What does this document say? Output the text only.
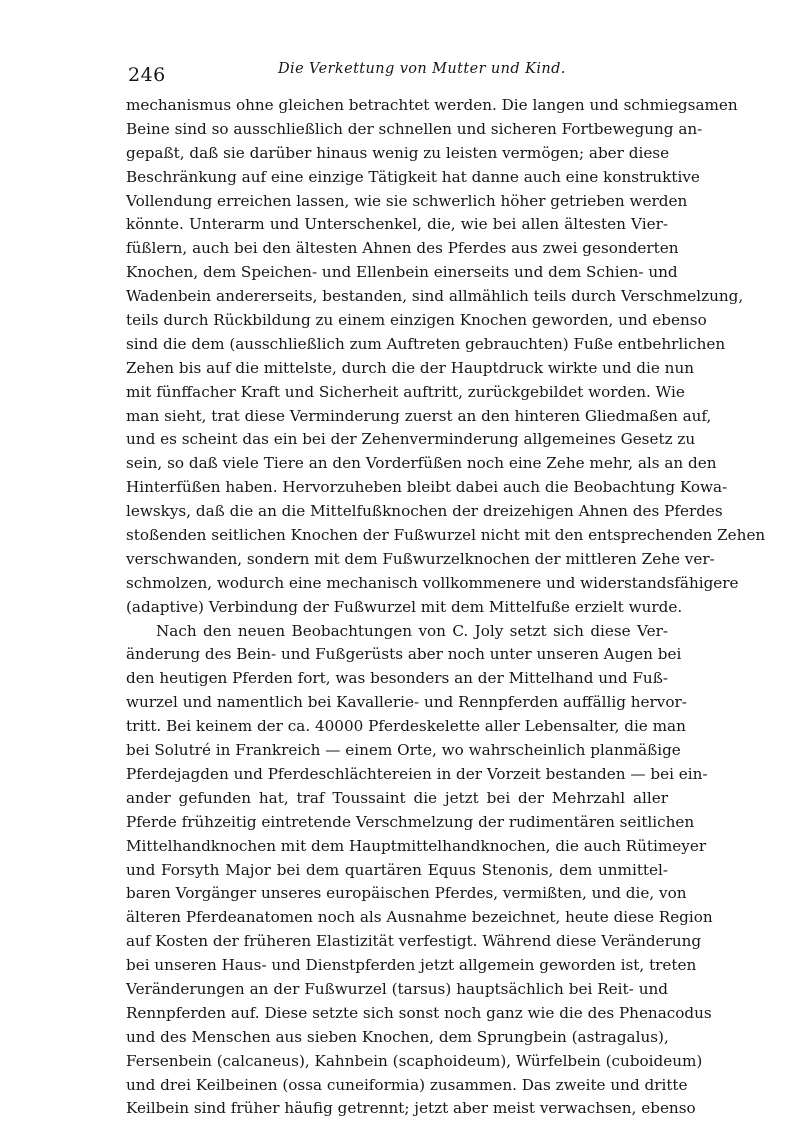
246	Die Verkettung von Mutter und Kind.
mechanismus ohne gleichen betrachtet werden. Die langen und schmiegsamen
Beine sind so ausschließlich der schnellen und sicheren Fortbewegung an-
gepaßt, daß sie darüber hinaus wenig zu leisten vermögen; aber diese
Beschränkung auf eine einzige Tätigkeit hat danne auch eine konstruktive
Vollendung erreichen lassen, wie sie schwerlich höher getrieben werden
könnte. Unterarm und Unterschenkel, die, wie bei allen ältesten Vier-
füßlern, auch bei den ältesten Ahnen des Pferdes aus zwei gesonderten
Knochen, dem Speichen- und Ellenbein einerseits und dem Schien- und
Wadenbein andererseits, bestanden, sind allmählich teils durch Verschmelzung,
teils durch Rückbildung zu einem einzigen Knochen geworden, und ebenso
sind die dem (ausschließlich zum Auftreten gebrauchten) Fuße entbehrlichen
Zehen bis auf die mittelste, durch die der Hauptdruck wirkte und die nun
mit fünffacher Kraft und Sicherheit auftritt, zurückgebildet worden. Wie
man sieht, trat diese Verminderung zuerst an den hinteren Gliedmaßen auf,
und es scheint das ein bei der Zehenverminderung allgemeines Gesetz zu
sein, so daß viele Tiere an den Vorderfüßen noch eine Zehe mehr, als an den
Hinterfüßen haben. Hervorzuheben bleibt dabei auch die Beobachtung Kowa-
lewskys, daß die an die Mittelfußknochen der dreizehigen Ahnen des Pferdes
stoßenden seitlichen Knochen der Fußwurzel nicht mit den entsprechenden Zehen
verschwanden, sondern mit dem Fußwurzelknochen der mittleren Zehe ver-
schmolzen, wodurch eine mechanisch vollkommenere und widerstandsfähigere
(adaptive) Verbindung der Fußwurzel mit dem Mittelfuße erzielt wurde.
Nach den neuen Beobachtungen von C. Joly setzt sich diese Ver-
änderung des Bein- und Fußgerüsts aber noch unter unseren Augen bei
den heutigen Pferden fort, was besonders an der Mittelhand und Fuß-
wurzel und namentlich bei Kavallerie- und Rennpferden auffällig hervor-
tritt. Bei keinem der ca. 40000 Pferdeskelette aller Lebensalter, die man
bei Solutré in Frankreich — einem Orte, wo wahrscheinlich planmäßige
Pferdejagden und Pferdeschlächtereien in der Vorzeit bestanden — bei ein-
ander gefunden hat, traf Toussaint die jetzt bei der Mehrzahl aller
Pferde frühzeitig eintretende Verschmelzung der rudimentären seitlichen
Mittelhandknochen mit dem Hauptmittelhandknochen, die auch Rütimeyer
und Forsyth Major bei dem quartären Equus Stenonis, dem unmittel-
baren Vorgänger unseres europäischen Pferdes, vermißten, und die, von
älteren Pferdeanatomen noch als Ausnahme bezeichnet, heute diese Region
auf Kosten der früheren Elastizität verfestigt. Während diese Veränderung
bei unseren Haus- und Dienstpferden jetzt allgemein geworden ist, treten
Veränderungen an der Fußwurzel (tarsus) hauptsächlich bei Reit- und
Rennpferden auf. Diese setzte sich sonst noch ganz wie die des Phenacodus
und des Menschen aus sieben Knochen, dem Sprungbein (astragalus),
Fersenbein (calcaneus), Kahnbein (scaphoideum), Würfelbein (cuboideum)
und drei Keilbeinen (ossa cuneiformia) zusammen. Das zweite und dritte
Keilbein sind früher häufig getrennt; jetzt aber meist verwachsen, ebenso
